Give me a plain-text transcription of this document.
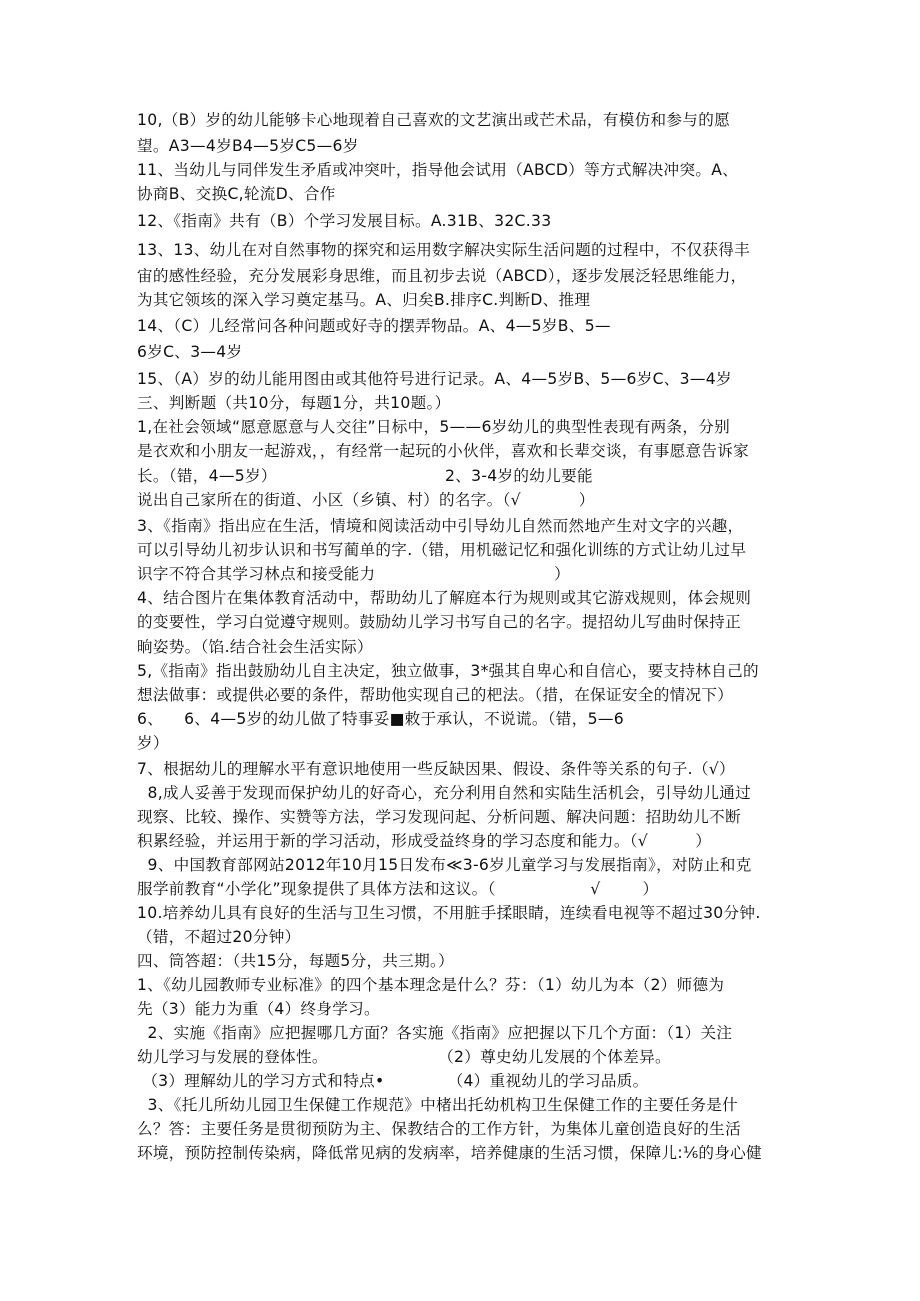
10,（B）岁的幼儿能够卡心地现着自己喜欢的文艺演出或芒术品，有模仿和参与的愿
望。A3—4岁B4—5岁C5—6岁
11、当幼儿与同伴发生矛盾或冲突叶，指导他会试用（ABCD）等方式解决冲突。A、
协商B、交换C,轮流D、合作
12、《指南》共有（B）个学习发展目标。A.31B、32C.33
13、13、幼儿在对自然事物的探究和运用数字解决实际生活问题的过程中，不仅获得丰
宙的感性经验，充分发展彩身思维，而且初步去说（ABCD），逐步发展泛轻思维能力，
为其它领垓的深入学习奠定基马。A、归矣B.排序C.判断D、推理
14、（C）儿经常问各种问题或好寺的摆弄物品。A、4—5岁B、5—
6岁C、3—4岁
15、（A）岁的幼儿能用图由或其他符号进行记录。A、4—5岁B、5—6岁C、3—4岁
三、判断题（共10分，每题1分，共10题。）
1,在社会领域“愿意愿意与人交往”日标中，5——6岁幼儿的典型性表现有两条，分别
是衣欢和小朋友一起游戏，，有经常一起玩的小伙伴，喜欢和长辈交谈，有事愿意告诉家
长。（错，4—5岁）                                2、3-4岁的幼儿要能
说出自己家所在的街道、小区（乡镇、村）的名字。（√           ）
3、《指南》指出应在生活，情境和阅读活动中引导幼儿自然而然地产生对文字的兴趣，
可以引导幼儿初步认识和书写蔺单的字.（错，用机磁记忆和强化训练的方式让幼儿过早
识字不符合其学习林点和接受能力                                  ）
4、结合图片在集体教育活动中，帮助幼儿了解庭本行为规则或其它游戏规则，体会规则
的变要性，学习白觉遵守规则。鼓励幼儿学习书写自己的名字。提招幼儿写曲时保持正
晌姿势。（馅.结合社会生活实际）
5,《指南》指出鼓励幼儿自主决定，独立做事，3*强其自卑心和自信心，要支持林自己的
想法做事：或提供必要的条件，帮助他实现自己的杷法。（措，在保证安全的情况下）
6、    6、4—5岁的幼儿做了特事妥■敕于承认，不说谎。（错，5—6
岁）
7、根据幼儿的理解水平有意识地使用一些反缺因果、假设、条件等关系的句子.（√）
8,成人妥善于发现而保护幼儿的好奇心，充分利用自然和实陆生活机会，引导幼儿通过
现察、比较、操作、实赞等方法，学习发现问起、分析问题、解决问题：招助幼儿不断
积累经验，并运用于新的学习活动，形成受益终身的学习态度和能力。（√         ）
9、中国教育部网站2012年10月15日发布≪3-6岁儿童学习与发展指南》，对防止和克
服学前教育“小学化”现象提供了具体方法和这议。（                  √        ）
10.培养幼儿具有良好的生活与卫生习惯，不用脏手揉眼睛，连续看电视等不超过30分钟.
（错，不超过20分钟）
四、筒答超：（共15分，每题5分，共三期。）
1、《幼儿园教师专业标准》的四个基本理念是什么？芬：（1）幼儿为本（2）师德为
先（3）能力为重（4）终身学习。
2、实施《指南》应把握哪几方面？各实施《指南》应把握以下几个方面：（1）关注
幼儿学习与发展的登体性。                     （2）尊史幼儿发展的个体差异。
（3）理解幼儿的学习方式和特点•            （4）重视幼儿的学习品质。
3、《托儿所幼儿园卫生保健工作规范》中楮出托幼机构卫生保健工作的主要任务是什
么？答：主要任务是贯彻预防为主、保教结合的工作方针，为集体儿童创造良好的生活
环境，预防控制传染病，降低常见病的发病率，培养健康的生活习惯，保障儿:⅙的身心健
